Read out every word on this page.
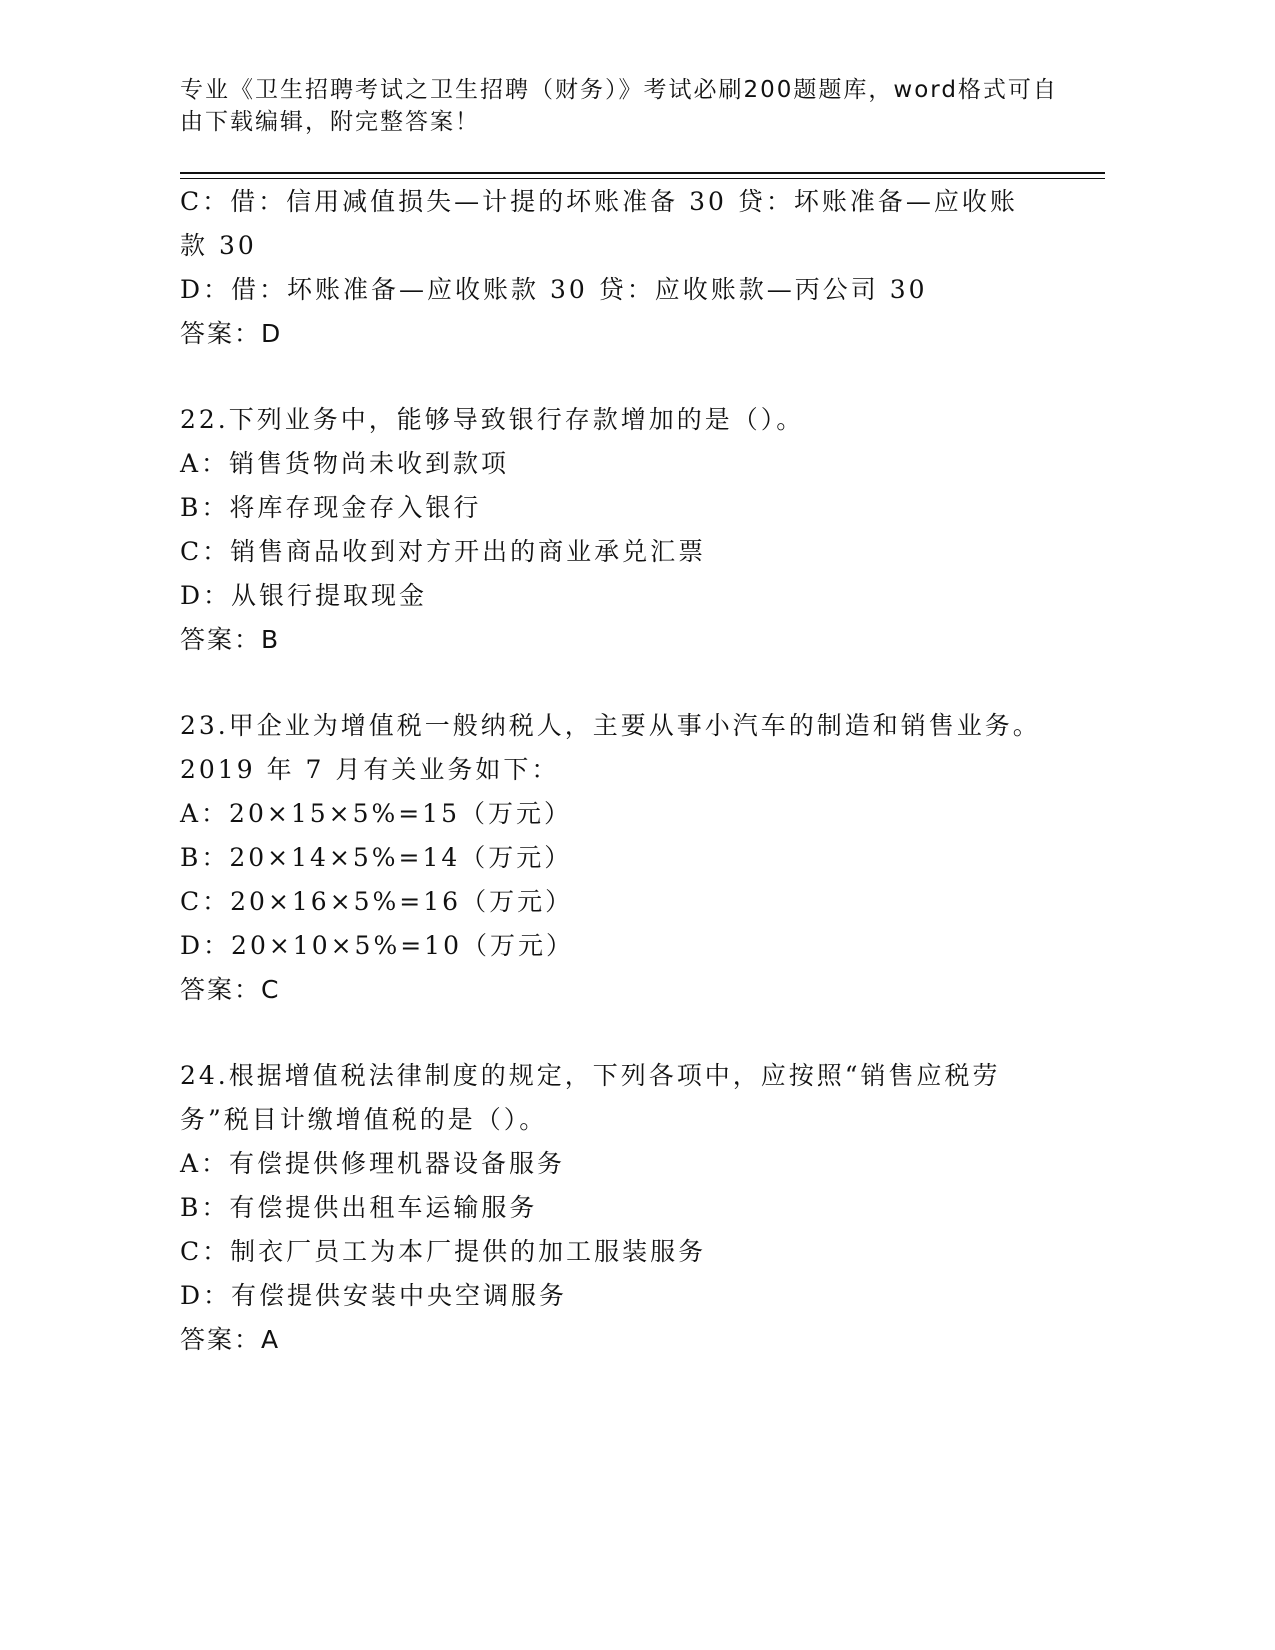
专业《卫生招聘考试之卫生招聘（财务）》考试必刷200题题库，word格式可自由下载编辑，附完整答案！
C：借：信用减值损失—计提的坏账准备 30 贷：坏账准备—应收账款 30
D：借：坏账准备—应收账款 30 贷：应收账款—丙公司 30
答案：D
22.下列业务中，能够导致银行存款增加的是（）。
A：销售货物尚未收到款项
B：将库存现金存入银行
C：销售商品收到对方开出的商业承兑汇票
D：从银行提取现金
答案：B
23.甲企业为增值税一般纳税人，主要从事小汽车的制造和销售业务。2019 年 7 月有关业务如下：
A：20×15×5%=15（万元）
B：20×14×5%=14（万元）
C：20×16×5%=16（万元）
D：20×10×5%=10（万元）
答案：C
24.根据增值税法律制度的规定，下列各项中，应按照“销售应税劳务”税目计缴增值税的是（）。
A：有偿提供修理机器设备服务
B：有偿提供出租车运输服务
C：制衣厂员工为本厂提供的加工服装服务
D：有偿提供安装中央空调服务
答案：A
